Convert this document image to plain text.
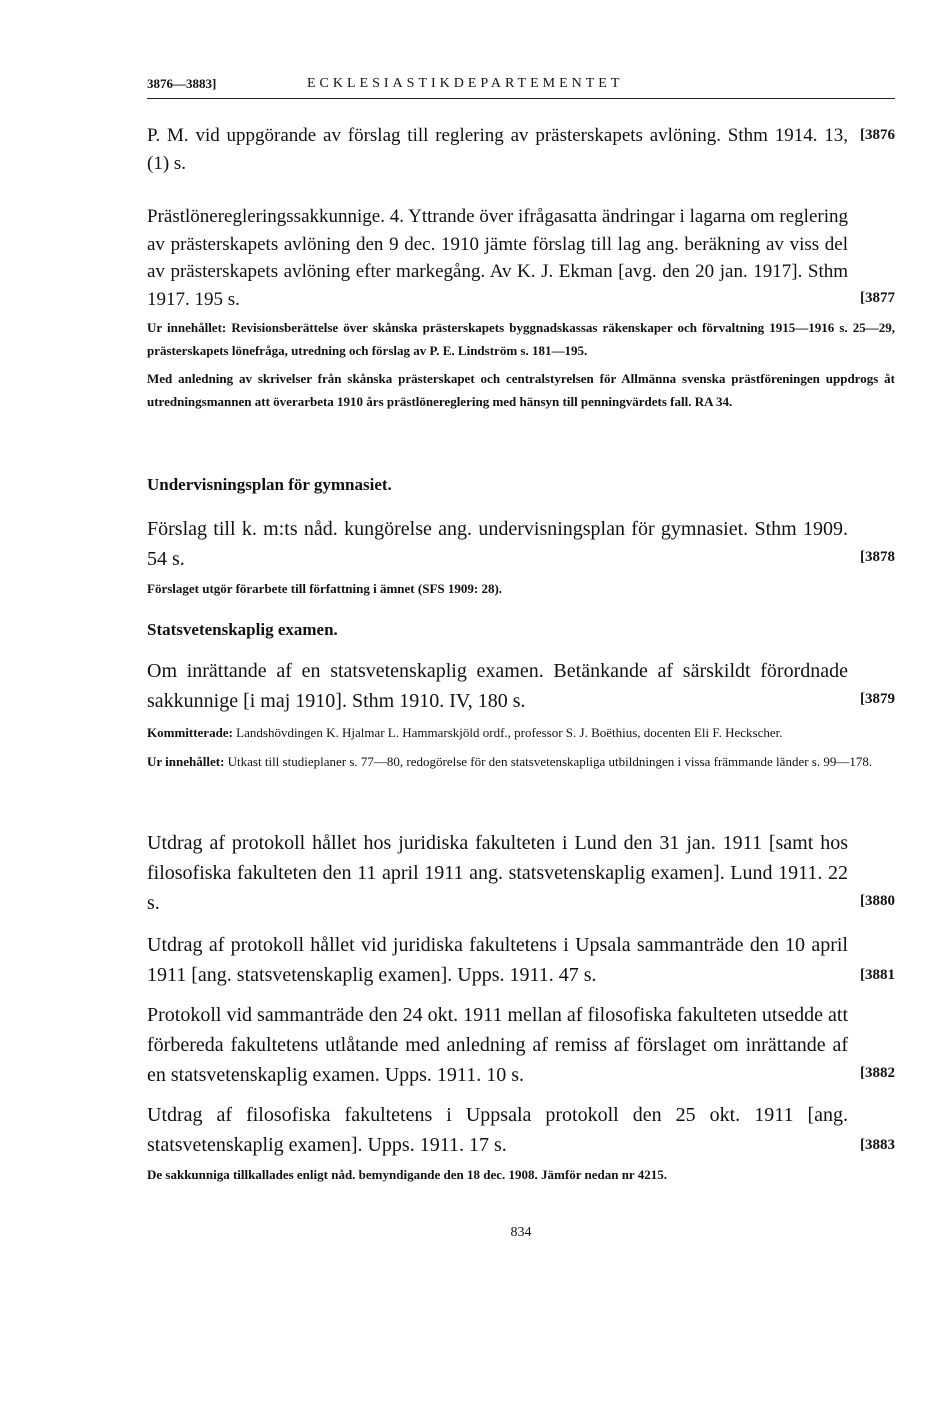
3876—3883]	ECKLESIASTIKDEPARTEMENTET

[3876
P. M. vid uppgörande av förslag till reglering av prästerskapets avlöning. Sthm 1914. 13, (1) s.

[3877
Prästlöneregleringssakkunnige. 4. Yttrande över ifrågasatta ändringar i lagarna om reglering av prästerskapets avlöning den 9 dec. 1910 jämte förslag till lag ang. beräkning av viss del av prästerskapets avlöning efter markegång. Av K. J. Ekman [avg. den 20 jan. 1917]. Sthm 1917. 195 s.

Ur innehållet: Revisionsberättelse över skånska prästerskapets byggnadskassas räkenskaper och förvaltning 1915—1916 s. 25—29, prästerskapets lönefråga, utredning och förslag av P. E. Lindström s. 181—195.

Med anledning av skrivelser från skånska prästerskapet och centralstyrelsen för Allmänna svenska prästföreningen uppdrogs åt utredningsmannen att överarbeta 1910 års prästlönereglering med hänsyn till penningvärdets fall. RA 34.

Undervisningsplan för gymnasiet.

[3878
Förslag till k. m:ts nåd. kungörelse ang. undervisningsplan för gymnasiet. Sthm 1909. 54 s.

Förslaget utgör förarbete till författning i ämnet (SFS 1909: 28).

Statsvetenskaplig examen.

[3879
Om inrättande af en statsvetenskaplig examen. Betänkande af särskildt förordnade sakkunnige [i maj 1910]. Sthm 1910. IV, 180 s.

Kommitterade: Landshövdingen K. Hjalmar L. Hammarskjöld ordf., professor S. J. Boëthius, docenten Eli F. Heckscher.

Ur innehållet: Utkast till studieplaner s. 77—80, redogörelse för den statsvetenskapliga utbildningen i vissa främmande länder s. 99—178.

[3880
Utdrag af protokoll hållet hos juridiska fakulteten i Lund den 31 jan. 1911 [samt hos filosofiska fakulteten den 11 april 1911 ang. statsvetenskaplig examen]. Lund 1911. 22 s.

[3881
Utdrag af protokoll hållet vid juridiska fakultetens i Upsala sammanträde den 10 april 1911 [ang. statsvetenskaplig examen]. Upps. 1911. 47 s.

[3882
Protokoll vid sammanträde den 24 okt. 1911 mellan af filosofiska fakulteten utsedde att förbereda fakultetens utlåtande med anledning af remiss af förslaget om inrättande af en statsvetenskaplig examen. Upps. 1911. 10 s.

[3883
Utdrag af filosofiska fakultetens i Uppsala protokoll den 25 okt. 1911 [ang. statsvetenskaplig examen]. Upps. 1911. 17 s.

De sakkunniga tillkallades enligt nåd. bemyndigande den 18 dec. 1908. Jämför nedan nr 4215.

834
